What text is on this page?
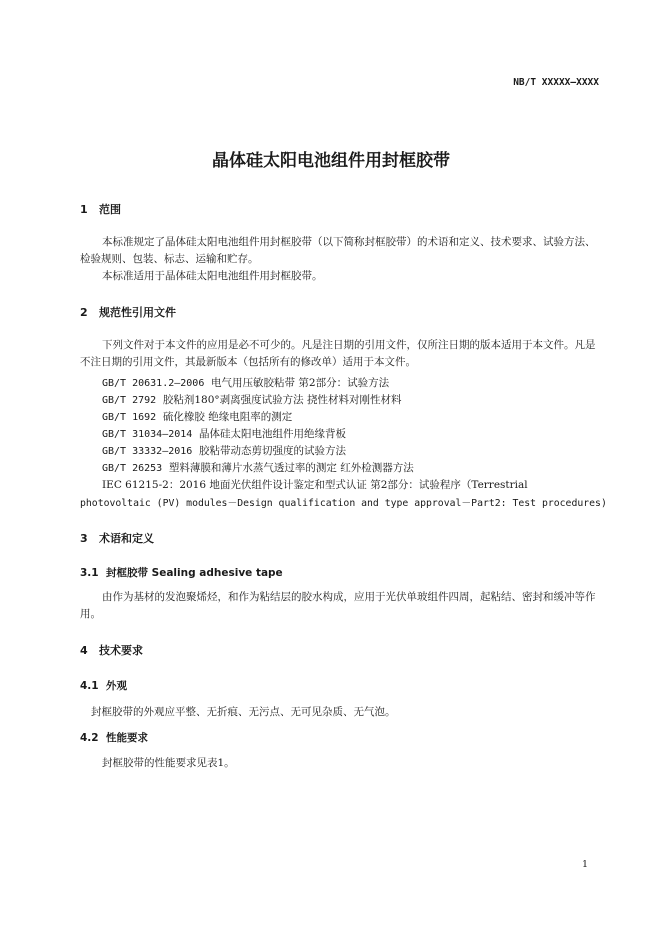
NB/T XXXXX—XXXX
晶体硅太阳电池组件用封框胶带
1 范围
本标准规定了晶体硅太阳电池组件用封框胶带（以下简称封框胶带）的术语和定义、技术要求、试验方法、检验规则、包装、标志、运输和贮存。
本标准适用于晶体硅太阳电池组件用封框胶带。
2 规范性引用文件
下列文件对于本文件的应用是必不可少的。凡是注日期的引用文件，仅所注日期的版本适用于本文件。凡是不注日期的引用文件，其最新版本（包括所有的修改单）适用于本文件。
GB/T 20631.2—2006 电气用压敏胶粘带 第2部分：试验方法
GB/T 2792 胶粘剂180°剥离强度试验方法 挠性材料对刚性材料
GB/T 1692 硫化橡胶 绝缘电阻率的测定
GB/T 31034—2014 晶体硅太阳电池组件用绝缘背板
GB/T 33332—2016 胶粘带动态剪切强度的试验方法
GB/T 26253 塑料薄膜和薄片水蒸气透过率的测定 红外检测器方法
IEC 61215-2：2016 地面光伏组件设计鉴定和型式认证 第2部分：试验程序（Terrestrial
photovoltaic (PV) modules－Design qualification and type approval－Part2: Test procedures)
3 术语和定义
3.1 封框胶带 Sealing adhesive tape
由作为基材的发泡聚烯烃，和作为粘结层的胶水构成，应用于光伏单玻组件四周，起粘结、密封和缓冲等作用。
4 技术要求
4.1 外观
封框胶带的外观应平整、无折痕、无污点、无可见杂质、无气泡。
4.2 性能要求
封框胶带的性能要求见表1。
1
